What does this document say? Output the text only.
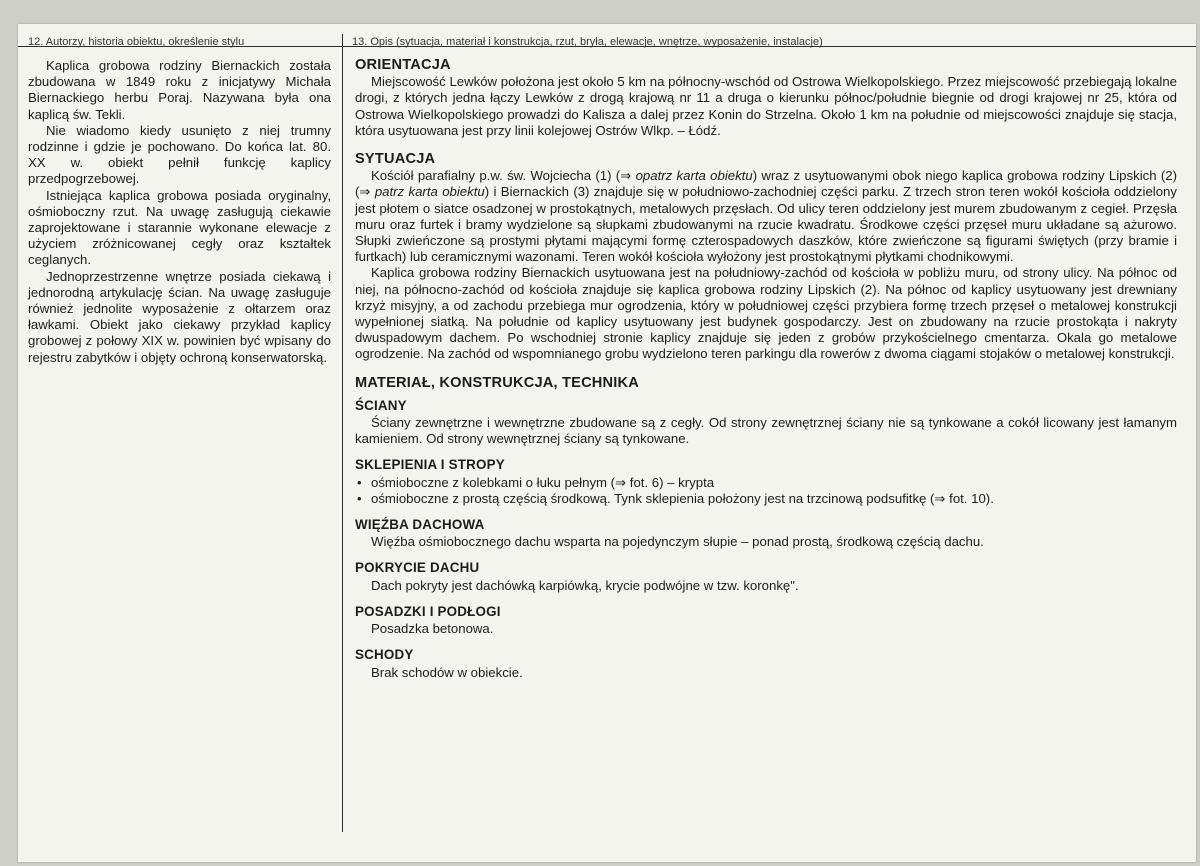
12. Autorzy, historia obiektu, określenie stylu	13. Opis (sytuacja, materiał i konstrukcja, rzut, bryła, elewacje, wnętrze, wyposażenie, instalacje)

Kaplica grobowa rodziny Biernackich została zbudowana w 1849 roku z inicjatywy Michała Biernackiego herbu Poraj. Nazywana była ona kaplicą św. Tekli.

Nie wiadomo kiedy usunięto z niej trumny rodzinne i gdzie je pochowano. Do końca lat. 80. XX w. obiekt pełnił funkcję kaplicy przedpogrzebowej.

Istniejąca kaplica grobowa posiada oryginalny, ośmioboczny rzut. Na uwagę zasługują ciekawie zaprojektowane i starannie wykonane elewacje z użyciem zróżnicowanej cegły oraz kształtek ceglanych.

Jednoprzestrzenne wnętrze posiada ciekawą i jednorodną artykulację ścian. Na uwagę zasługuje również jednolite wyposażenie z ołtarzem oraz ławkami. Obiekt jako ciekawy przykład kaplicy grobowej z połowy XIX w. powinien być wpisany do rejestru zabytków i objęty ochroną konserwatorską.

ORIENTACJA

Miejscowość Lewków położona jest około 5 km na północny-wschód od Ostrowa Wielkopolskiego. Przez miejscowość przebiegają lokalne drogi, z których jedna łączy Lewków z drogą krajową nr 11 a druga o kierunku północ/południe biegnie od drogi krajowej nr 25, która od Ostrowa Wielkopolskiego prowadzi do Kalisza a dalej przez Konin do Strzelna. Około 1 km na południe od miejscowości znajduje się stacja, która usytuowana jest przy linii kolejowej Ostrów Wlkp. – Łódź.

SYTUACJA

Kościół parafialny p.w. św. Wojciecha (1) (⇒ opatrz karta obiektu) wraz z usytuowanymi obok niego kaplica grobowa rodziny Lipskich (2) (⇒ patrz karta obiektu) i Biernackich (3) znajduje się w południowo-zachodniej części parku. Z trzech stron teren wokół kościoła oddzielony jest płotem o siatce osadzonej w prostokątnych, metalowych przęsłach. Od ulicy teren oddzielony jest murem zbudowanym z cegieł. Przęsła muru oraz furtek i bramy wydzielone są słupkami zbudowanymi na rzucie kwadratu. Środkowe części przęseł muru układane są ażurowo. Słupki zwieńczone są prostymi płytami mającymi formę czterospadowych daszków, które zwieńczone są figurami świętych (przy bramie i furtkach) lub ceramicznymi wazonami. Teren wokół kościoła wyłożony jest prostokątnymi płytkami chodnikowymi.

Kaplica grobowa rodziny Biernackich usytuowana jest na południowy-zachód od kościoła w pobliżu muru, od strony ulicy. Na północ od niej, na północno-zachód od kościoła znajduje się kaplica grobowa rodziny Lipskich (2). Na północ od kaplicy usytuowany jest drewniany krzyż misyjny, a od zachodu przebiega mur ogrodzenia, który w południowej części przybiera formę trzech przęseł o metalowej konstrukcji wypełnionej siatką. Na południe od kaplicy usytuowany jest budynek gospodarczy. Jest on zbudowany na rzucie prostokąta i nakryty dwuspadowym dachem. Po wschodniej stronie kaplicy znajduje się jeden z grobów przykościelnego cmentarza. Okala go metalowe ogrodzenie. Na zachód od wspomnianego grobu wydzielono teren parkingu dla rowerów z dwoma ciągami stojaków o metalowej konstrukcji.

MATERIAŁ, KONSTRUKCJA, TECHNIKA
ŚCIANY

Ściany zewnętrzne i wewnętrzne zbudowane są z cegły. Od strony zewnętrznej ściany nie są tynkowane a cokół licowany jest łamanym kamieniem. Od strony wewnętrznej ściany są tynkowane.

SKLEPIENIA I STROPY
• ośmioboczne z kolebkami o łuku pełnym (⇒ fot. 6) – krypta
• ośmioboczne z prostą częścią środkową. Tynk sklepienia położony jest na trzcinową podsufitkę (⇒ fot. 10).
WIĘŹBA DACHOWA

Więźba ośmiobocznego dachu wsparta na pojedynczym słupie – ponad prostą, środkową częścią dachu.

POKRYCIE DACHU

Dach pokryty jest dachówką karpiówką, krycie podwójne w tzw. koronkę".

POSADZKI I PODŁOGI

Posadzka betonowa.

SCHODY

Brak schodów w obiekcie.
